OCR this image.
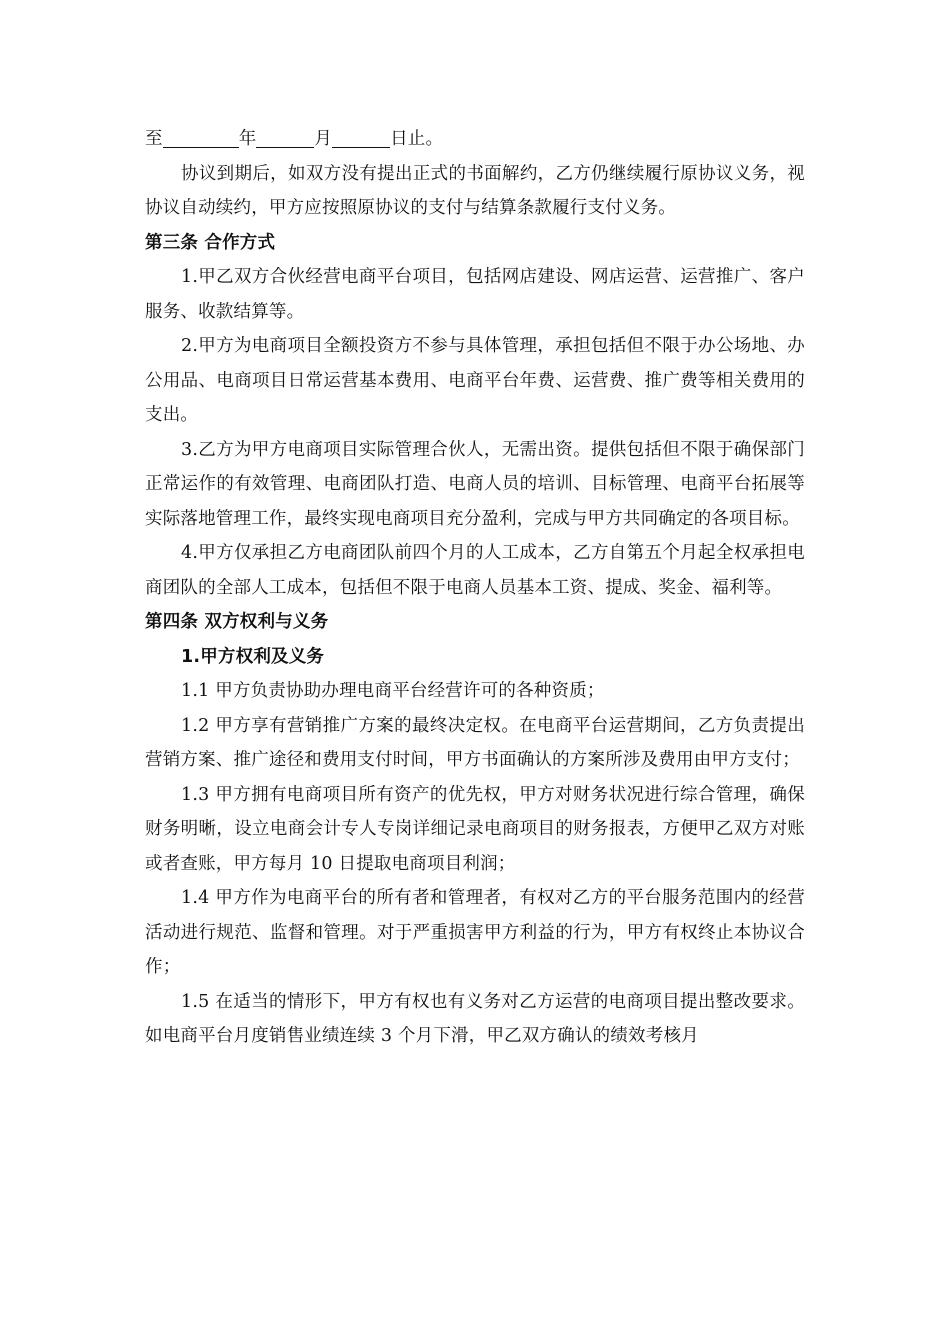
至	年	月	日止。

协议到期后，如双方没有提出正式的书面解约，乙方仍继续履行原协议义务，视协议自动续约，甲方应按照原协议的支付与结算条款履行支付义务。

第三条 合作方式

1.甲乙双方合伙经营电商平台项目，包括网店建设、网店运营、运营推广、客户服务、收款结算等。

2.甲方为电商项目全额投资方不参与具体管理，承担包括但不限于办公场地、办公用品、电商项目日常运营基本费用、电商平台年费、运营费、推广费等相关费用的支出。

3.乙方为甲方电商项目实际管理合伙人，无需出资。提供包括但不限于确保部门正常运作的有效管理、电商团队打造、电商人员的培训、目标管理、电商平台拓展等实际落地管理工作，最终实现电商项目充分盈利，完成与甲方共同确定的各项目标。

4.甲方仅承担乙方电商团队前四个月的人工成本，乙方自第五个月起全权承担电商团队的全部人工成本，包括但不限于电商人员基本工资、提成、奖金、福利等。

第四条 双方权利与义务

1.甲方权利及义务

1.1 甲方负责协助办理电商平台经营许可的各种资质；

1.2 甲方享有营销推广方案的最终决定权。在电商平台运营期间，乙方负责提出营销方案、推广途径和费用支付时间，甲方书面确认的方案所涉及费用由甲方支付；

1.3 甲方拥有电商项目所有资产的优先权，甲方对财务状况进行综合管理，确保财务明晰，设立电商会计专人专岗详细记录电商项目的财务报表，方便甲乙双方对账或者查账，甲方每月 10 日提取电商项目利润；

1.4 甲方作为电商平台的所有者和管理者，有权对乙方的平台服务范围内的经营活动进行规范、监督和管理。对于严重损害甲方利益的行为，甲方有权终止本协议合作；

1.5 在适当的情形下，甲方有权也有义务对乙方运营的电商项目提出整改要求。如电商平台月度销售业绩连续 3 个月下滑，甲乙双方确认的绩效考核月
